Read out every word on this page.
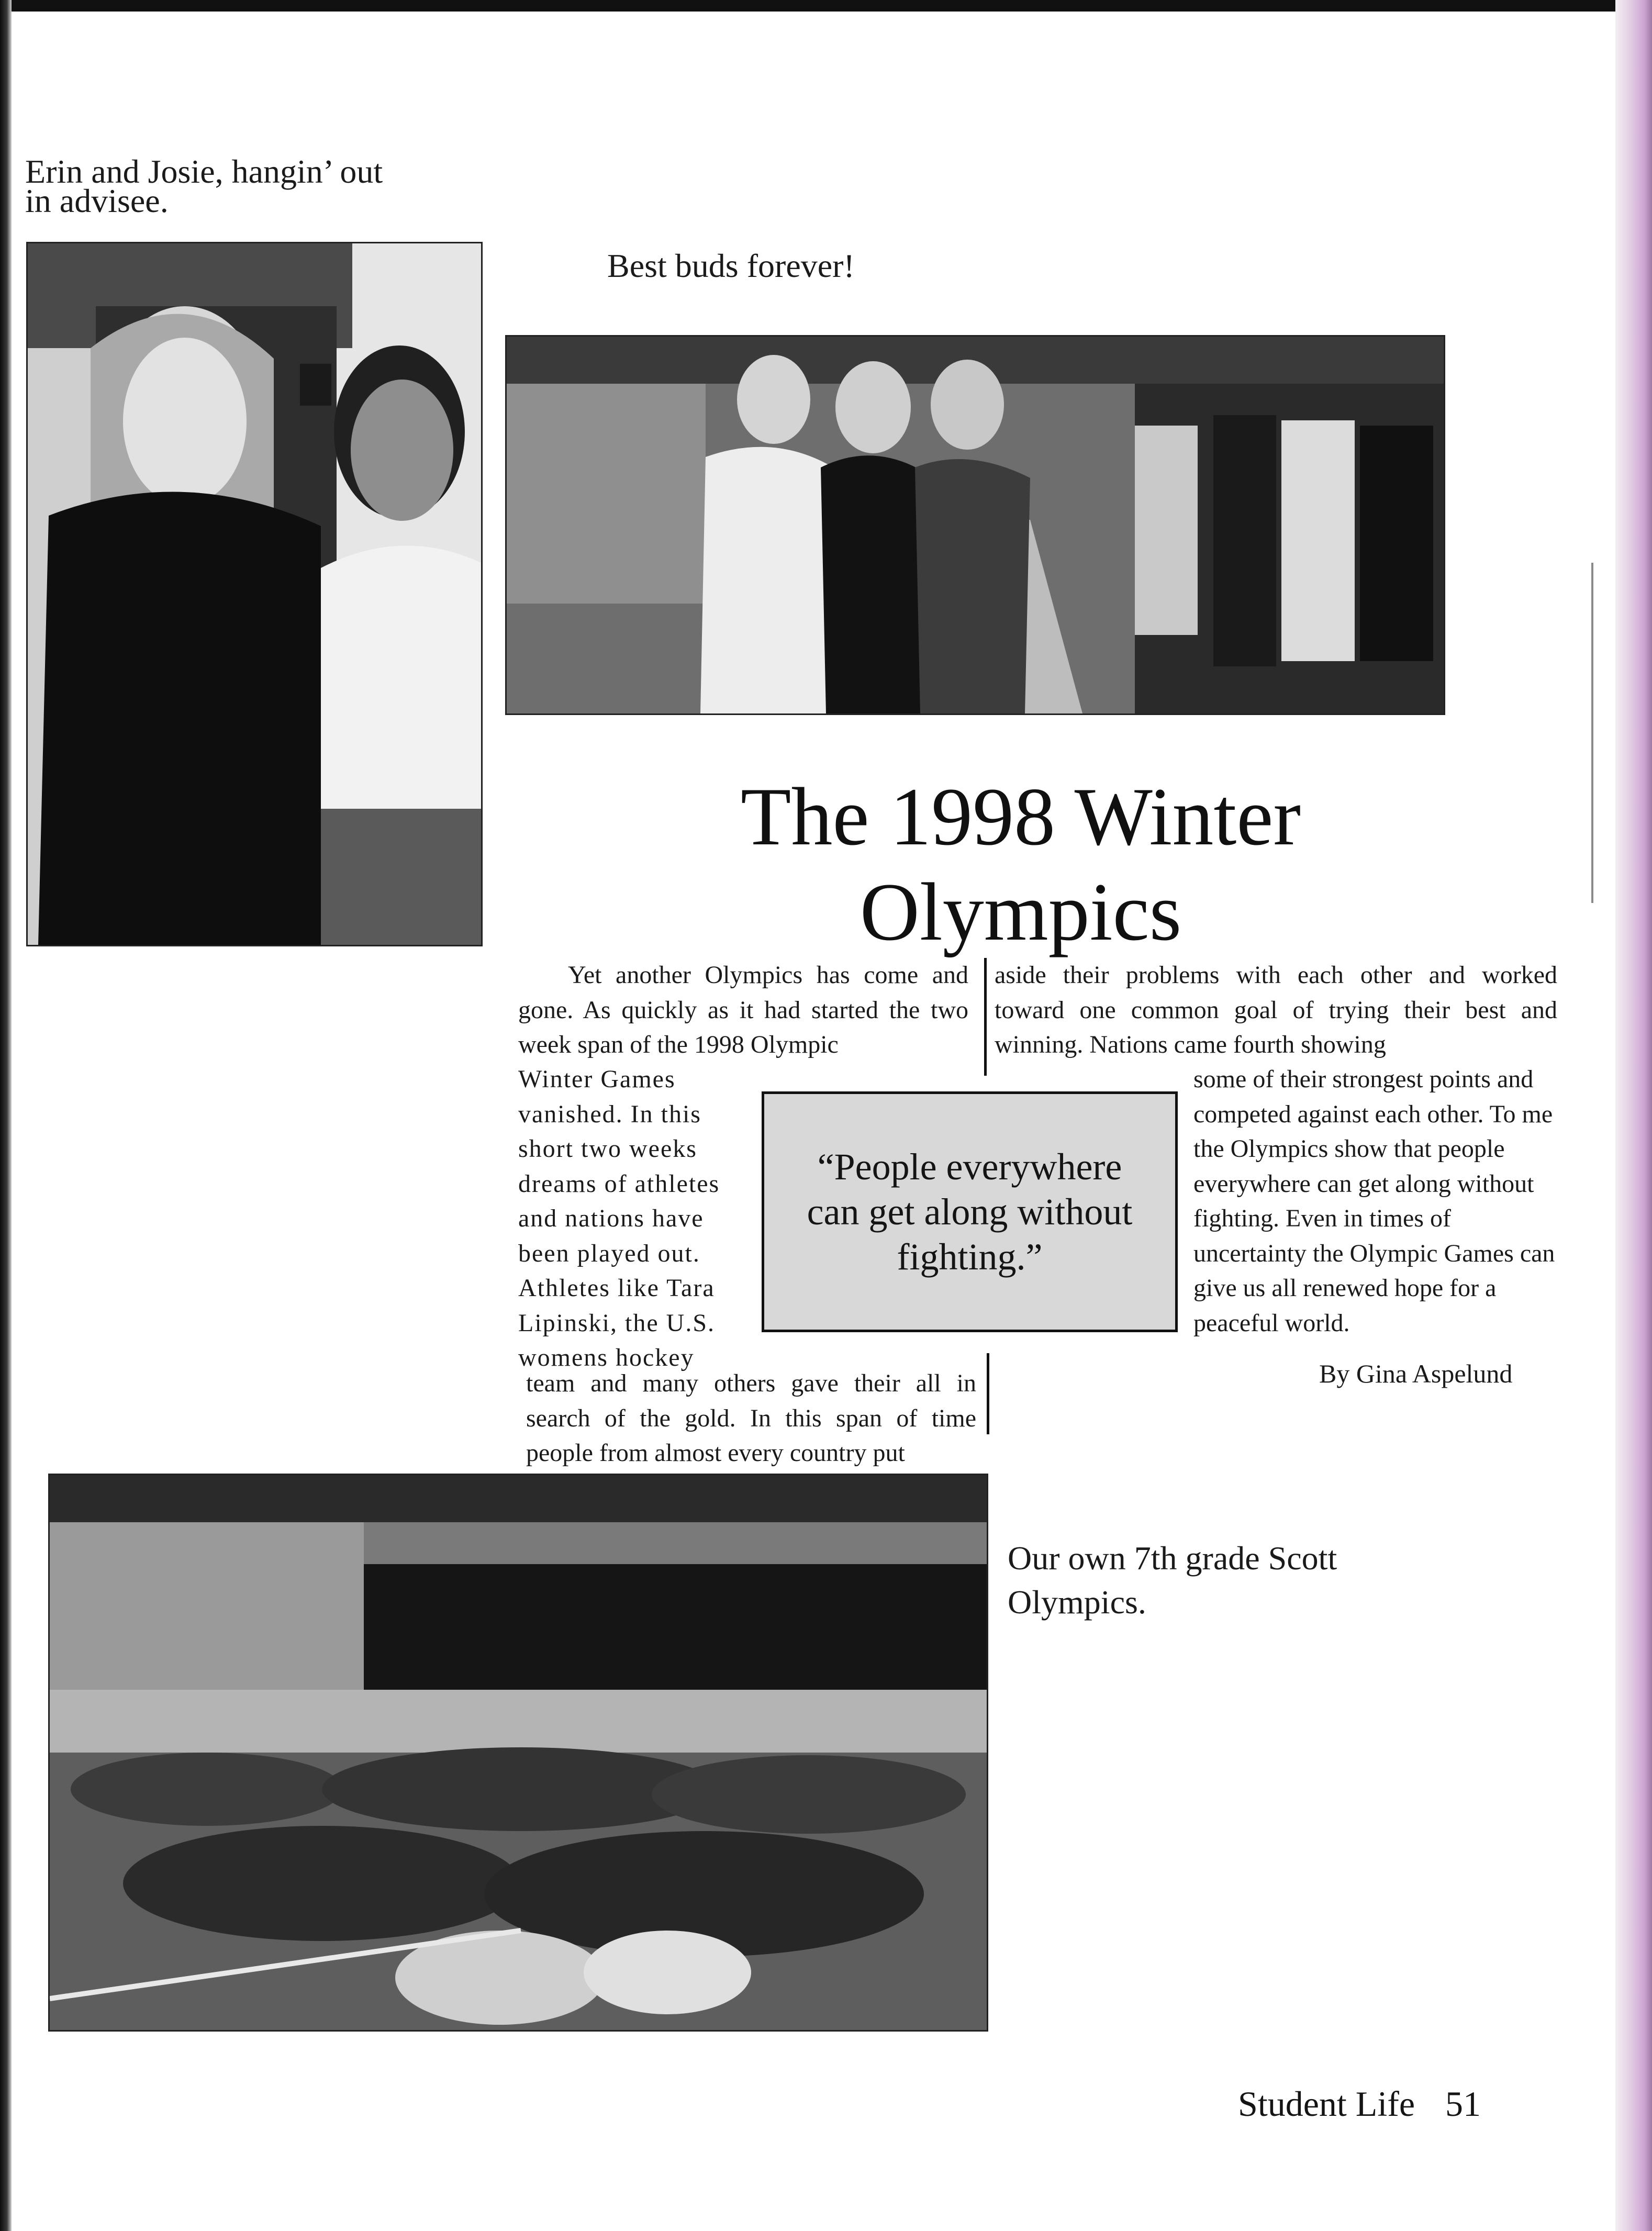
Erin and Josie, hangin’ out
in advisee.
Best buds forever!
The 1998 Winter
Olympics

Yet another Olympics has come and gone. As quickly as it had started the two week span of the 1998 Olympic

Winter Games
vanished. In this
short two weeks
dreams of athletes
and nations have
been played out.
Athletes like Tara
Lipinski, the U.S.
womens hockey

team and many others gave their all in search of the gold. In this span of time people from almost every country put

aside their problems with each other and worked toward one common goal of trying their best and winning. Nations came fourth showing

some of their strongest points and competed against each other. To me the Olympics show that people everywhere can get along without fighting. Even in times of uncertainty the Olympic Games can give us all renewed hope for a peaceful world.

“People everywhere can get along without fighting.”
By Gina Aspelund
Our own 7th grade Scott
Olympics.
Student Life 51
